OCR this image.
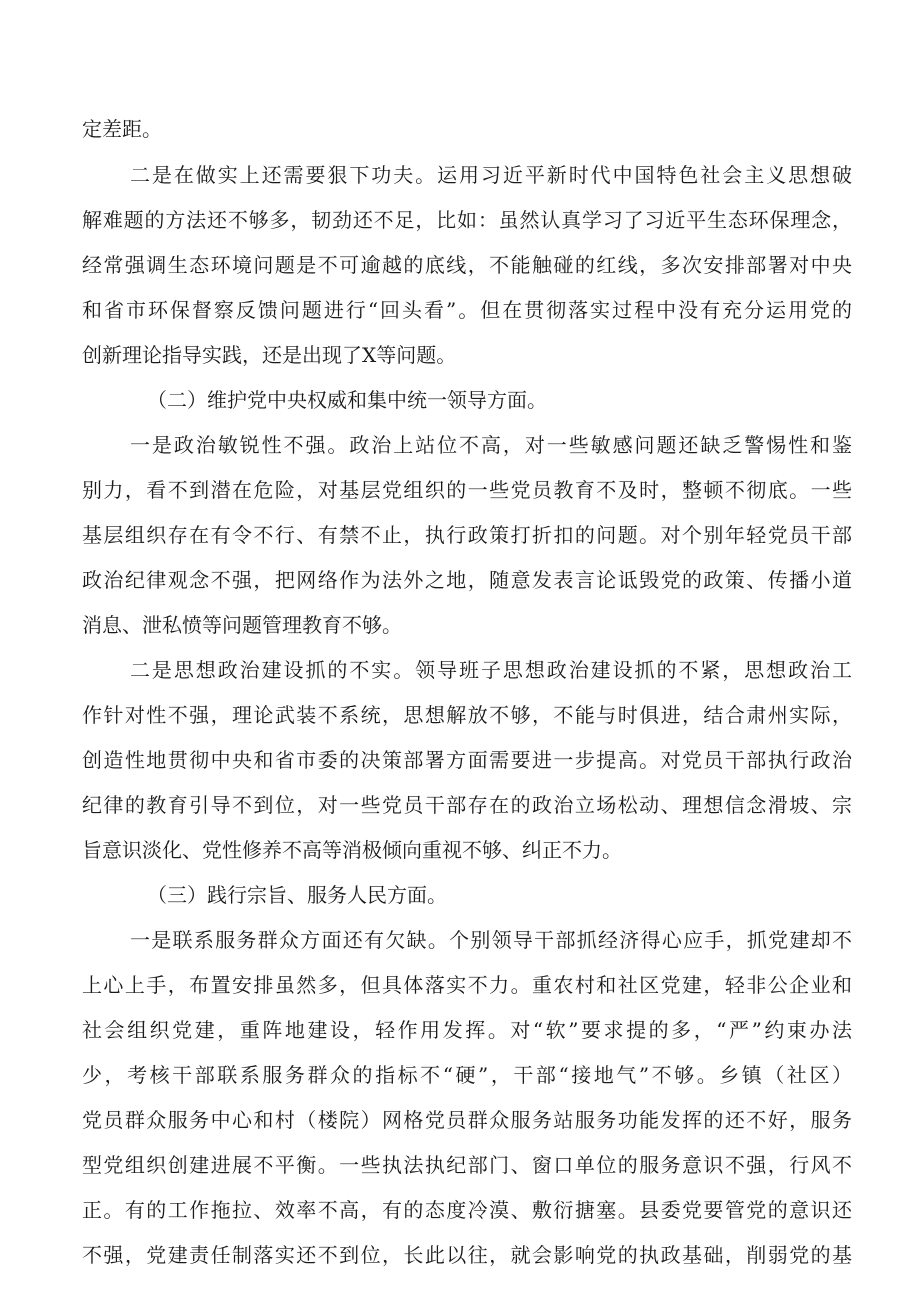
定差距。
二是在做实上还需要狠下功夫。运用习近平新时代中国特色社会主义思想破
解难题的方法还不够多，韧劲还不足，比如：虽然认真学习了习近平生态环保理念，
经常强调生态环境问题是不可逾越的底线，不能触碰的红线，多次安排部署对中央
和省市环保督察反馈问题进行“回头看”。但在贯彻落实过程中没有充分运用党的
创新理论指导实践，还是出现了X等问题。
（二）维护党中央权威和集中统一领导方面。
一是政治敏锐性不强。政治上站位不高，对一些敏感问题还缺乏警惕性和鉴
别力，看不到潜在危险，对基层党组织的一些党员教育不及时，整顿不彻底。一些
基层组织存在有令不行、有禁不止，执行政策打折扣的问题。对个别年轻党员干部
政治纪律观念不强，把网络作为法外之地，随意发表言论诋毁党的政策、传播小道
消息、泄私愤等问题管理教育不够。
二是思想政治建设抓的不实。领导班子思想政治建设抓的不紧，思想政治工
作针对性不强，理论武装不系统，思想解放不够，不能与时俱进，结合肃州实际，
创造性地贯彻中央和省市委的决策部署方面需要进一步提高。对党员干部执行政治
纪律的教育引导不到位，对一些党员干部存在的政治立场松动、理想信念滑坡、宗
旨意识淡化、党性修养不高等消极倾向重视不够、纠正不力。
（三）践行宗旨、服务人民方面。
一是联系服务群众方面还有欠缺。个别领导干部抓经济得心应手，抓党建却不
上心上手，布置安排虽然多，但具体落实不力。重农村和社区党建，轻非公企业和
社会组织党建，重阵地建设，轻作用发挥。对“软”要求提的多，“严”约束办法
少，考核干部联系服务群众的指标不“硬”，干部“接地气”不够。乡镇（社区）
党员群众服务中心和村（楼院）网格党员群众服务站服务功能发挥的还不好，服务
型党组织创建进展不平衡。一些执法执纪部门、窗口单位的服务意识不强，行风不
正。有的工作拖拉、效率不高，有的态度冷漠、敷衍搪塞。县委党要管党的意识还
不强，党建责任制落实还不到位，长此以往，就会影响党的执政基础，削弱党的基
